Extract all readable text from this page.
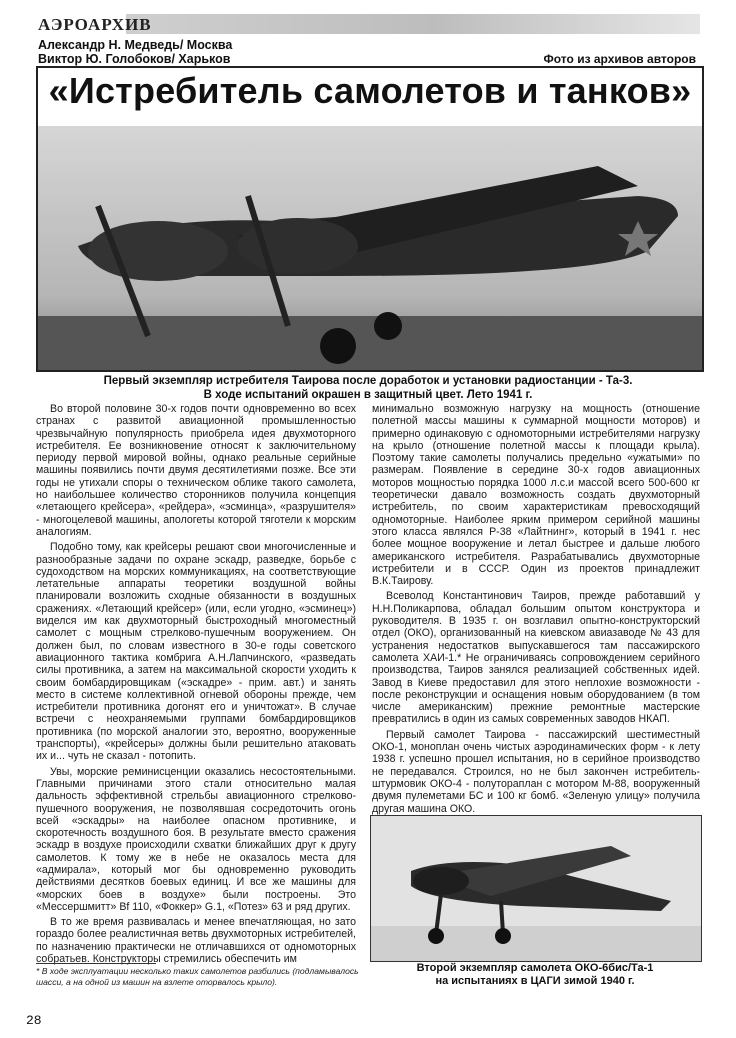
АЭРОАРХИВ
Александр Н. Медведь/ Москва
Виктор Ю. Голобоков/ Харьков	Фото из архивов авторов
«Истребитель самолетов и танков»
Первый экземпляр истребителя Таирова после доработок и установки радиостанции - Та-3.
В ходе испытаний окрашен в защитный цвет. Лето 1941 г.

Во второй половине 30-х годов почти одновременно во всех странах с развитой авиационной промышленностью чрезвычайную популярность приобрела идея двухмоторного истребителя. Ее возникновение относят к заключительному периоду первой мировой войны, однако реальные серийные машины появились почти двумя десятилетиями позже. Все эти годы не утихали споры о техническом облике такого самолета, но наибольшее количество сторонников получила концепция «летающего крейсера», «рейдера», «эсминца», «разрушителя» - многоцелевой машины, апологеты которой тяготели к морским аналогиям.

Подобно тому, как крейсеры решают свои многочисленные и разнообразные задачи по охране эскадр, разведке, борьбе с судоходством на морских коммуникациях, на соответствующие летательные аппараты теоретики воздушной войны планировали возложить сходные обязанности в воздушных сражениях. «Летающий крейсер» (или, если угодно, «эсминец») виделся им как двухмоторный быстроходный многоместный самолет с мощным стрелково-пушечным вооружением. Он должен был, по словам известного в 30-е годы советского авиационного тактика комбрига А.Н.Лапчинского, «разведать силы противника, а затем на максимальной скорости уходить к своим бомбардировщикам («эскадре» - прим. авт.) и занять место в системе коллективной огневой обороны прежде, чем истребители противника догонят его и уничтожат». В случае встречи с неохраняемыми группами бомбардировщиков противника (по морской аналогии это, вероятно, вооруженные транспорты), «крейсеры» должны были решительно атаковать их и... чуть не сказал - потопить.

Увы, морские реминисценции оказались несостоятельными. Главными причинами этого стали относительно малая дальность эффективной стрельбы авиационного стрелково-пушечного вооружения, не позволявшая сосредоточить огонь всей «эскадры» на наиболее опасном противнике, и скоротечность воздушного боя. В результате вместо сражения эскадр в воздухе происходили схватки ближайших друг к другу самолетов. К тому же в небе не оказалось места для «адмирала», который мог бы одновременно руководить действиями десятков боевых единиц. И все же машины для «морских боев в воздухе» были построены. Это «Мессершмитт» Bf 110, «Фоккер» G.1, «Потез» 63 и ряд других.

В то же время развивалась и менее впечатляющая, но зато гораздо более реалистичная ветвь двухмоторных истребителей, по назначению практически не отличавшихся от одномоторных собратьев. Конструкторы стремились обеспечить им

минимально возможную нагрузку на мощность (отношение полетной массы машины к суммарной мощности моторов) и примерно одинаковую с одномоторными истребителями нагрузку на крыло (отношение полетной массы к площади крыла). Поэтому такие самолеты получались предельно «ужатыми» по размерам. Появление в середине 30-х годов авиационных моторов мощностью порядка 1000 л.с.и массой всего 500-600 кг теоретически давало возможность создать двухмоторный истребитель, по своим характеристикам превосходящий одномоторные. Наиболее ярким примером серийной машины этого класса являлся Р-38 «Лайтнинг», который в 1941 г. нес более мощное вооружение и летал быстрее и дальше любого американского истребителя. Разрабатывались двухмоторные истребители и в СССР. Один из проектов принадлежит В.К.Таирову.

Всеволод Константинович Таиров, прежде работавший у Н.Н.Поликарпова, обладал большим опытом конструктора и руководителя. В 1935 г. он возглавил опытно-конструкторский отдел (ОКО), организованный на киевском авиазаводе № 43 для устранения недостатков выпускавшегося там пассажирского самолета ХАИ-1.* Не ограничиваясь сопровождением серийного производства, Таиров занялся реализацией собственных идей. Завод в Киеве предоставил для этого неплохие возможности - после реконструкции и оснащения новым оборудованием (в том числе американским) прежние ремонтные мастерские превратились в один из самых современных заводов НКАП.

Первый самолет Таирова - пассажирский шестиместный ОКО-1, моноплан очень чистых аэродинамических форм - к лету 1938 г. успешно прошел испытания, но в серийное производство не передавался. Строился, но не был закончен истребитель-штурмовик ОКО-4 - полутораплан с мотором М-88, вооруженный двумя пулеметами БС и 100 кг бомб. «Зеленую улицу» получила другая машина ОКО.

* В ходе эксплуатации несколько таких самолетов разбились (подламывалось шасси, а на одной из машин на взлете оторвалось крыло).
Второй экземпляр самолета ОКО-6бис/Та-1
на испытаниях в ЦАГИ зимой 1940 г.
28
